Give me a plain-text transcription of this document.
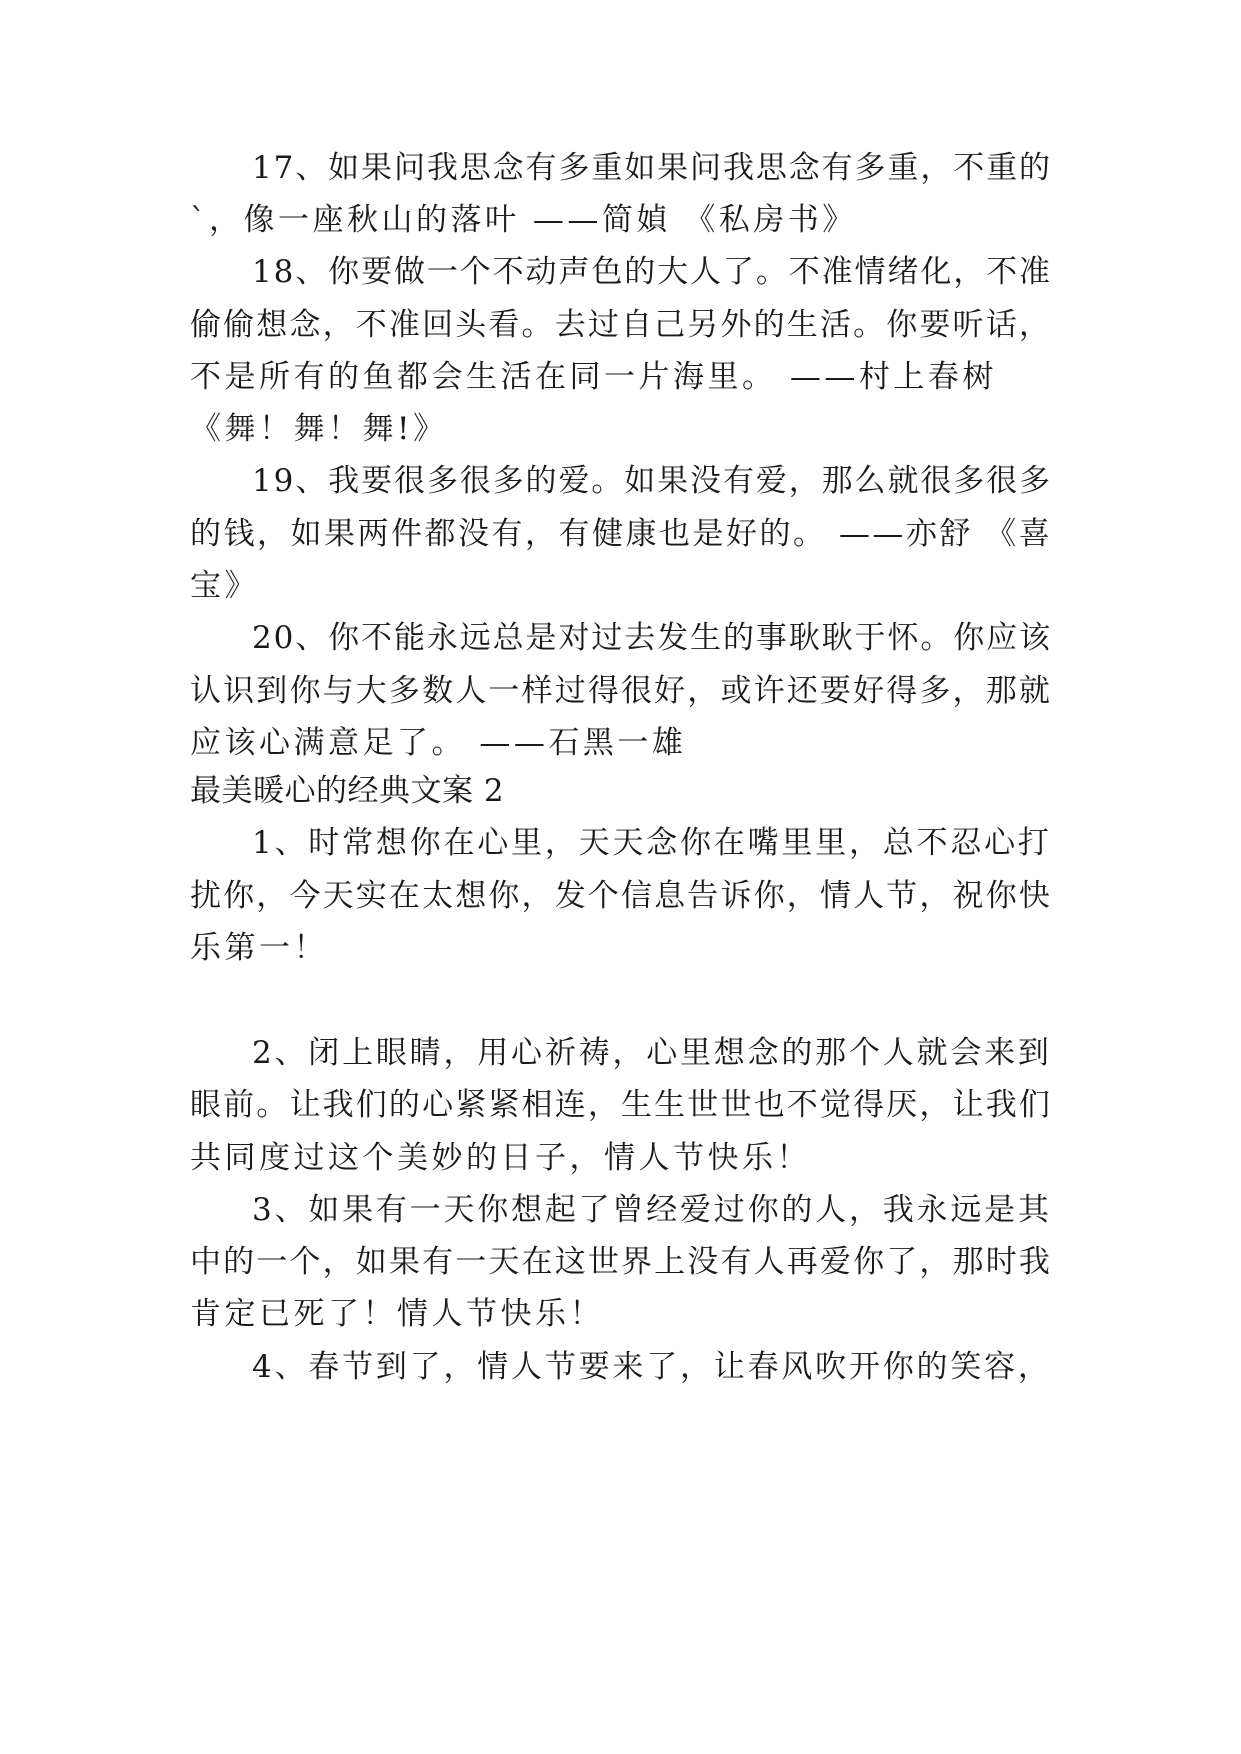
17、如果问我思念有多重如果问我思念有多重，不重的
`，像一座秋山的落叶 ——简媜 《私房书》
18、你要做一个不动声色的大人了。不准情绪化，不准
偷偷想念，不准回头看。去过自己另外的生活。你要听话，
不是所有的鱼都会生活在同一片海里。 ——村上春树
《舞！舞！舞!》
19、我要很多很多的爱。如果没有爱，那么就很多很多
的钱，如果两件都没有，有健康也是好的。 ——亦舒 《喜
宝》
20、你不能永远总是对过去发生的事耿耿于怀。你应该
认识到你与大多数人一样过得很好，或许还要好得多，那就
应该心满意足了。 ——石黑一雄
最美暖心的经典文案 2
1、时常想你在心里，天天念你在嘴里里，总不忍心打
扰你，今天实在太想你，发个信息告诉你，情人节，祝你快
乐第一！
2、闭上眼睛，用心祈祷，心里想念的那个人就会来到
眼前。让我们的心紧紧相连，生生世世也不觉得厌，让我们
共同度过这个美妙的日子，情人节快乐！
3、如果有一天你想起了曾经爱过你的人，我永远是其
中的一个，如果有一天在这世界上没有人再爱你了，那时我
肯定已死了！情人节快乐！
4、春节到了，情人节要来了，让春风吹开你的笑容，
